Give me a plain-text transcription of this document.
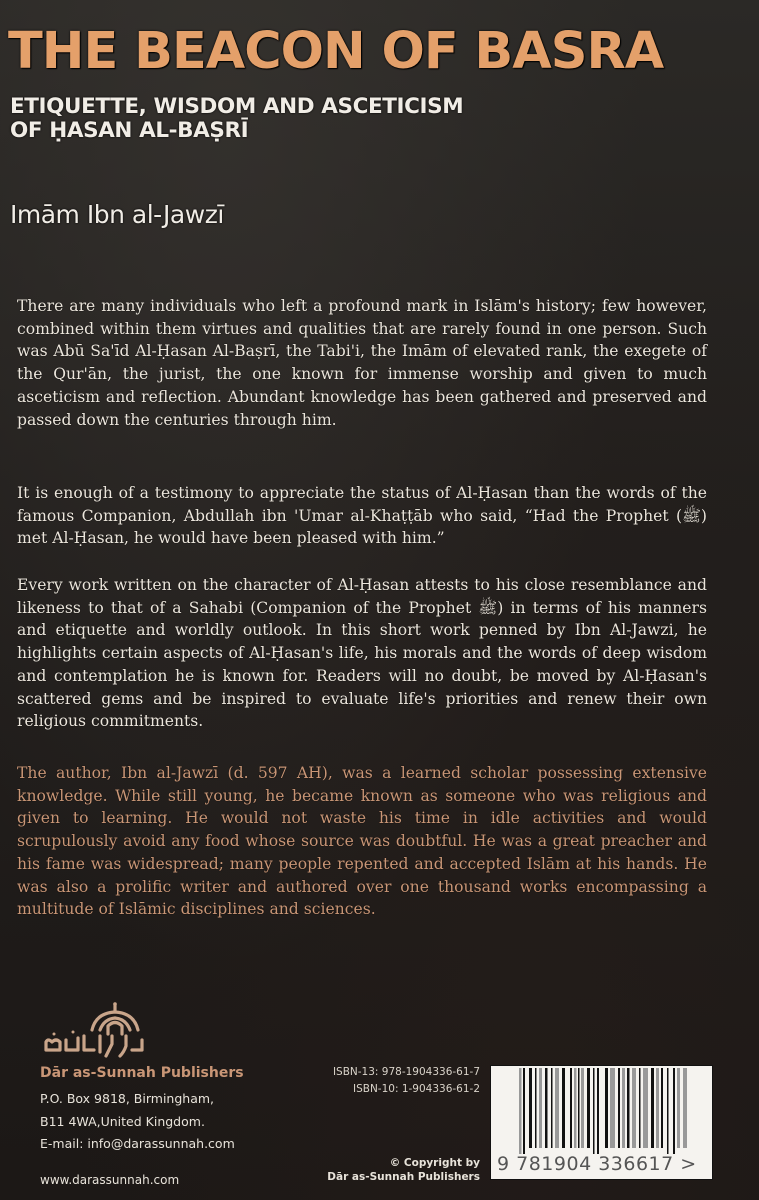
THE BEACON OF BASRA
ETIQUETTE, WISDOM AND ASCETICISM
OF ḤASAN AL-BAṢRĪ
Imām Ibn al-Jawzī

There are many individuals who left a profound mark in Islām's history; few however, combined within them virtues and qualities that are rarely found in one person. Such was Abū Sa'īd Al-Ḥasan Al-Baṣrī, the Tabi'i, the Imām of elevated rank, the exegete of the Qur'ān, the jurist, the one known for immense worship and given to much asceticism and reflection. Abundant knowledge has been gathered and preserved and passed down the centuries through him.

It is enough of a testimony to appreciate the status of Al-Ḥasan than the words of the famous Companion, Abdullah ibn 'Umar al-Khaṭṭāb who said, “Had the Prophet (ﷺ) met Al-Ḥasan, he would have been pleased with him.”

Every work written on the character of Al-Ḥasan attests to his close resemblance and likeness to that of a Sahabi (Companion of the Prophet ﷺ) in terms of his manners and etiquette and worldly outlook. In this short work penned by Ibn Al-Jawzi, he highlights certain aspects of Al-Ḥasan's life, his morals and the words of deep wisdom and contemplation he is known for. Readers will no doubt, be moved by Al-Ḥasan's scattered gems and be inspired to evaluate life's priorities and renew their own religious commitments.

The author, Ibn al-Jawzī (d. 597 AH), was a learned scholar possessing extensive knowledge. While still young, he became known as someone who was religious and given to learning. He would not waste his time in idle activities and would scrupulously avoid any food whose source was doubtful. He was a great preacher and his fame was widespread; many people repented and accepted Islām at his hands. He was also a prolific writer and authored over one thousand works encompassing a multitude of Islāmic disciplines and sciences.

Dār as-Sunnah Publishers
P.O. Box 9818, Birmingham,
B11 4WA,United Kingdom.
E-mail: info@darassunnah.com
www.darassunnah.com
ISBN-13: 978-1904336-61-7
ISBN-10: 1-904336-61-2
© Copyright by
Dār as-Sunnah Publishers
9 781904 336617 >
